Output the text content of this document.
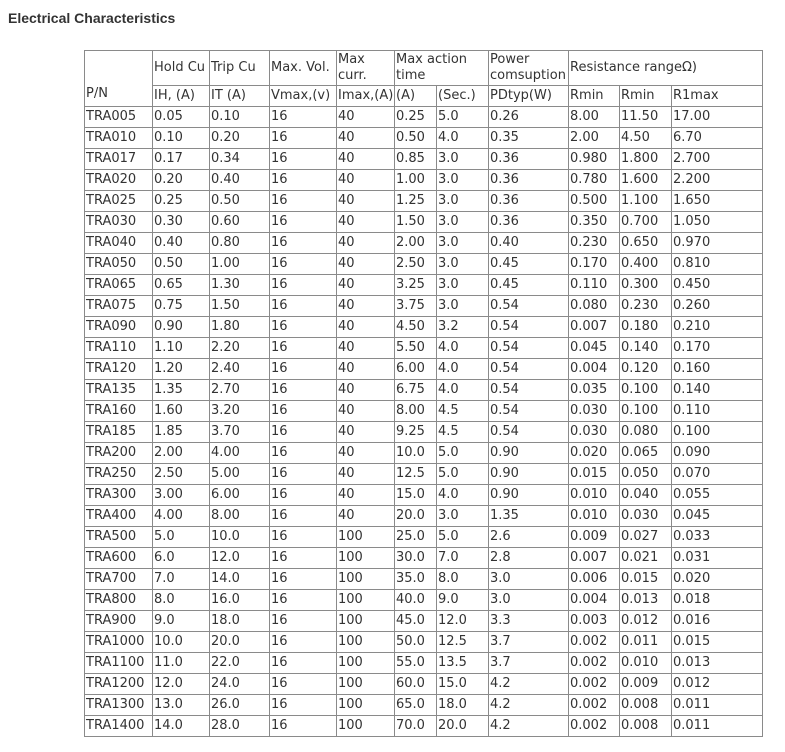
Electrical Characteristics
P/N	Hold Cu	Trip Cu	Max. Vol.	Max curr.	Max action time		Power comsuption	Resistance rangeΩ)		
	IH, (A)	IT (A)	Vmax,(v)	Imax,(A)	(A)	(Sec.)	PDtyp(W)	Rmin	Rmin	R1max
TRA005	0.05	0.10	16	40	0.25	5.0	0.26	8.00	11.50	17.00
TRA010	0.10	0.20	16	40	0.50	4.0	0.35	2.00	4.50	6.70
TRA017	0.17	0.34	16	40	0.85	3.0	0.36	0.980	1.800	2.700
TRA020	0.20	0.40	16	40	1.00	3.0	0.36	0.780	1.600	2.200
TRA025	0.25	0.50	16	40	1.25	3.0	0.36	0.500	1.100	1.650
TRA030	0.30	0.60	16	40	1.50	3.0	0.36	0.350	0.700	1.050
TRA040	0.40	0.80	16	40	2.00	3.0	0.40	0.230	0.650	0.970
TRA050	0.50	1.00	16	40	2.50	3.0	0.45	0.170	0.400	0.810
TRA065	0.65	1.30	16	40	3.25	3.0	0.45	0.110	0.300	0.450
TRA075	0.75	1.50	16	40	3.75	3.0	0.54	0.080	0.230	0.260
TRA090	0.90	1.80	16	40	4.50	3.2	0.54	0.007	0.180	0.210
TRA110	1.10	2.20	16	40	5.50	4.0	0.54	0.045	0.140	0.170
TRA120	1.20	2.40	16	40	6.00	4.0	0.54	0.004	0.120	0.160
TRA135	1.35	2.70	16	40	6.75	4.0	0.54	0.035	0.100	0.140
TRA160	1.60	3.20	16	40	8.00	4.5	0.54	0.030	0.100	0.110
TRA185	1.85	3.70	16	40	9.25	4.5	0.54	0.030	0.080	0.100
TRA200	2.00	4.00	16	40	10.0	5.0	0.90	0.020	0.065	0.090
TRA250	2.50	5.00	16	40	12.5	5.0	0.90	0.015	0.050	0.070
TRA300	3.00	6.00	16	40	15.0	4.0	0.90	0.010	0.040	0.055
TRA400	4.00	8.00	16	40	20.0	3.0	1.35	0.010	0.030	0.045
TRA500	5.0	10.0	16	100	25.0	5.0	2.6	0.009	0.027	0.033
TRA600	6.0	12.0	16	100	30.0	7.0	2.8	0.007	0.021	0.031
TRA700	7.0	14.0	16	100	35.0	8.0	3.0	0.006	0.015	0.020
TRA800	8.0	16.0	16	100	40.0	9.0	3.0	0.004	0.013	0.018
TRA900	9.0	18.0	16	100	45.0	12.0	3.3	0.003	0.012	0.016
TRA1000	10.0	20.0	16	100	50.0	12.5	3.7	0.002	0.011	0.015
TRA1100	11.0	22.0	16	100	55.0	13.5	3.7	0.002	0.010	0.013
TRA1200	12.0	24.0	16	100	60.0	15.0	4.2	0.002	0.009	0.012
TRA1300	13.0	26.0	16	100	65.0	18.0	4.2	0.002	0.008	0.011
TRA1400	14.0	28.0	16	100	70.0	20.0	4.2	0.002	0.008	0.011
